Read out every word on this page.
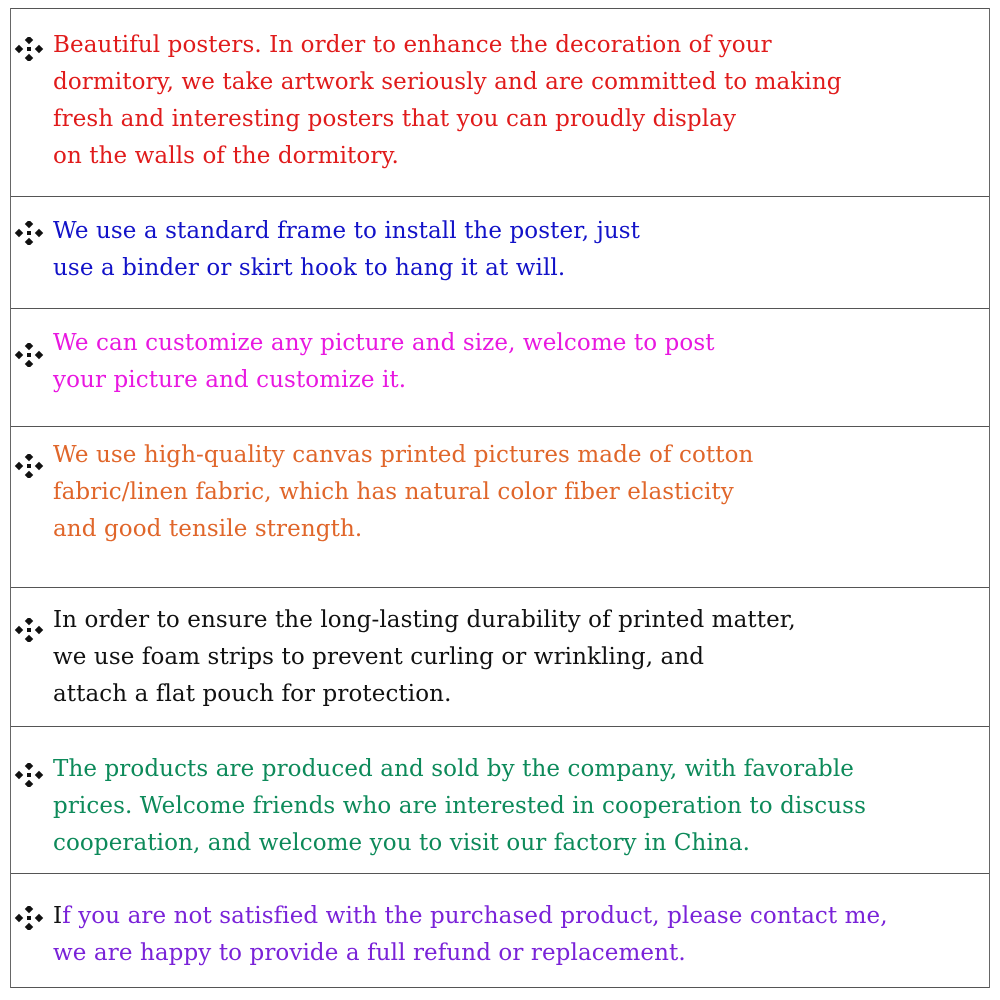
Beautiful posters. In order to enhance the decoration of your
dormitory, we take artwork seriously and are committed to making
fresh and interesting posters that you can proudly display
on the walls of the dormitory.
We use a standard frame to install the poster, just
use a binder or skirt hook to hang it at will.
We can customize any picture and size, welcome to post
your picture and customize it.
We use high-quality canvas printed pictures made of cotton
fabric/linen fabric, which has natural color fiber elasticity
and good tensile strength.
In order to ensure the long-lasting durability of printed matter,
we use foam strips to prevent curling or wrinkling, and
attach a flat pouch for protection.
The products are produced and sold by the company, with favorable
prices. Welcome friends who are interested in cooperation to discuss
cooperation, and welcome you to visit our factory in China.
If you are not satisfied with the purchased product, please contact me,
we are happy to provide a full refund or replacement.
